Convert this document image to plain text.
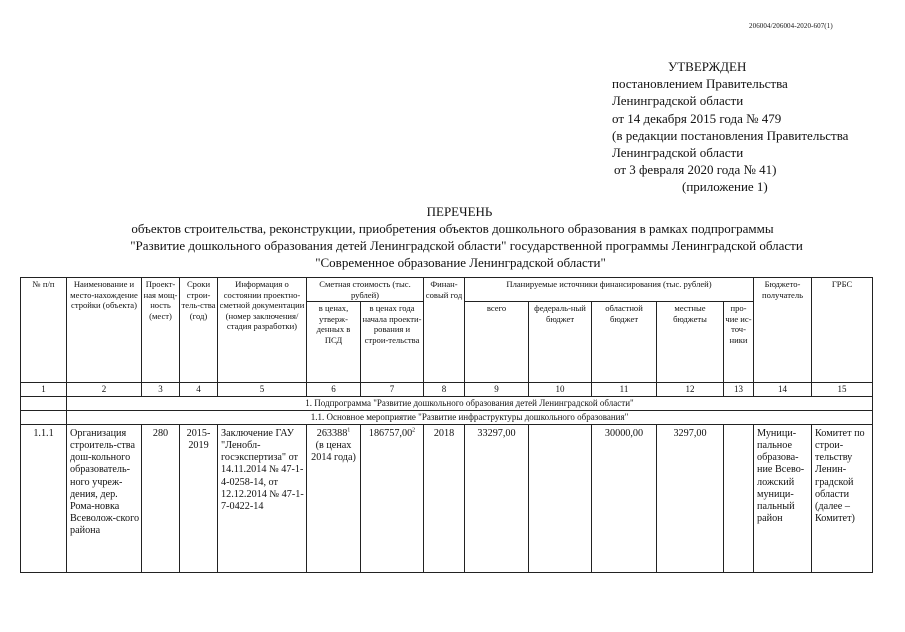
206004/206004-2020-607(1)
УТВЕРЖДЕН
постановлением Правительства
Ленинградской области
от 14 декабря 2015 года № 479
(в редакции постановления Правительства
Ленинградской области
от 3 февраля 2020 года № 41)
(приложение 1)
ПЕРЕЧЕНЬ
объектов строительства, реконструкции, приобретения объектов дошкольного образования в рамках подпрограммы
"Развитие дошкольного образования детей Ленинградской области" государственной программы Ленинградской области
"Современное образование Ленинградской области"
№ п/п	Наименование и место-нахождение стройки (объекта)	Проект-ная мощ-ность (мест)	Сроки строи-тель-ства (год)	Информация о состоянии проектно-сметной документации (номер заключения/ стадия разработки)	Сметная стоимость (тыс. рублей)		Финан-совый год	Планируемые источники финансирования (тыс. рублей)					Бюджето-получатель	ГРБС
					в ценах, утверж-денных в ПСД	в ценах года начала проекти-рования и строи-тельства		всего	федераль-ный бюджет	областной бюджет	местные бюджеты	про-чие ис-точ-ники		
1	2	3	4	5	6	7	8	9	10	11	12	13	14	15
	1. Подпрограмма "Развитие дошкольного образования детей Ленинградской области"													
	1.1. Основное мероприятие "Развитие инфраструктуры дошкольного образования"													
1.1.1	Организация строитель-ства дош-кольного образователь-ного учреж-дения, дер. Рома-новка Всеволож-ского района	280	2015-2019	Заключение ГАУ "Ленобл-госэкспертиза" от 14.11.2014 № 47-1-4-0258-14, от 12.12.2014 № 47-1-7-0422-14	263388$^1$
(в ценах 2014 года)	186757,00$^2$	2018	33297,00		30000,00	3297,00		Муници-пальное образова-ние Всево-ложский муници-пальный район	Комитет по строи-тельству Ленин-градской области (далее – Комитет)
